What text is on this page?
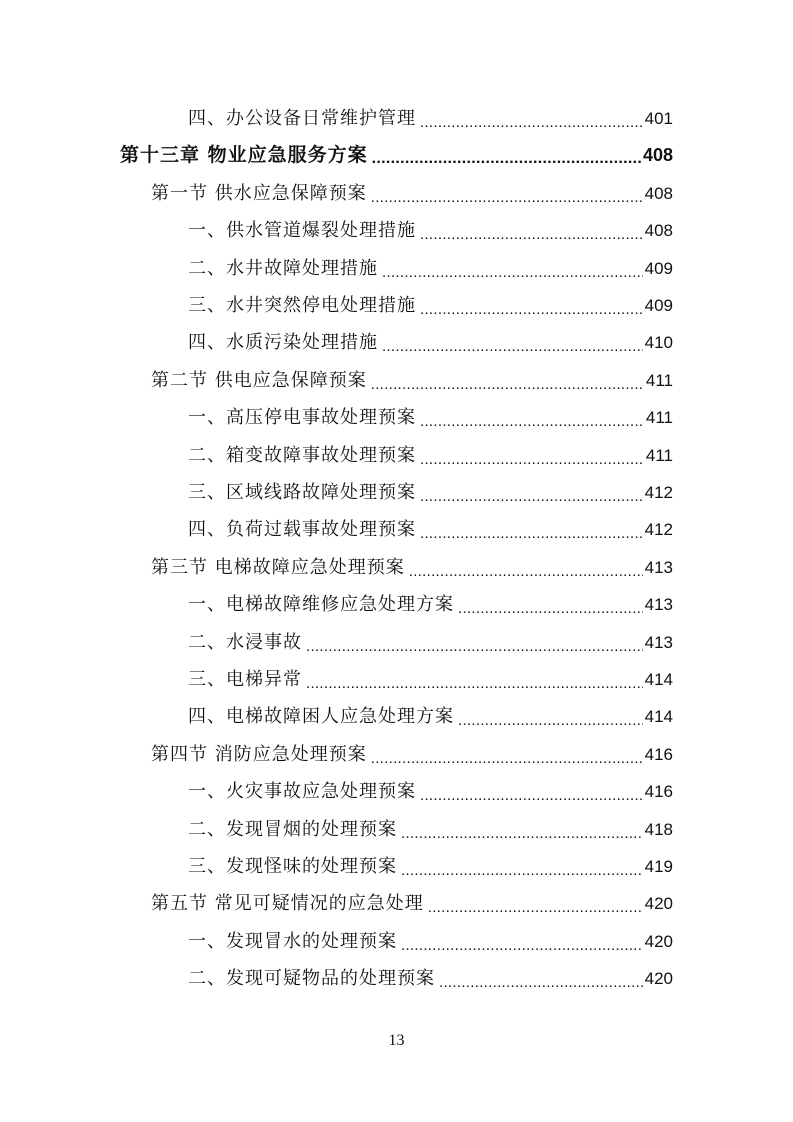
四、办公设备日常维护管理 .....	401
第十三章 物业应急服务方案 .....	408
第一节 供水应急保障预案 .....	408
一、供水管道爆裂处理措施 .....	408
二、水井故障处理措施 .....	409
三、水井突然停电处理措施 .....	409
四、水质污染处理措施 .....	410
第二节 供电应急保障预案 .....	411
一、高压停电事故处理预案 .....	411
二、箱变故障事故处理预案 .....	411
三、区域线路故障处理预案 .....	412
四、负荷过载事故处理预案 .....	412
第三节 电梯故障应急处理预案 .....	413
一、电梯故障维修应急处理方案 .....	413
二、水浸事故 .....	413
三、电梯异常 .....	414
四、电梯故障困人应急处理方案 .....	414
第四节 消防应急处理预案 .....	416
一、火灾事故应急处理预案 .....	416
二、发现冒烟的处理预案 .....	418
三、发现怪味的处理预案 .....	419
第五节 常见可疑情况的应急处理 .....	420
一、发现冒水的处理预案 .....	420
二、发现可疑物品的处理预案 .....	420
13
